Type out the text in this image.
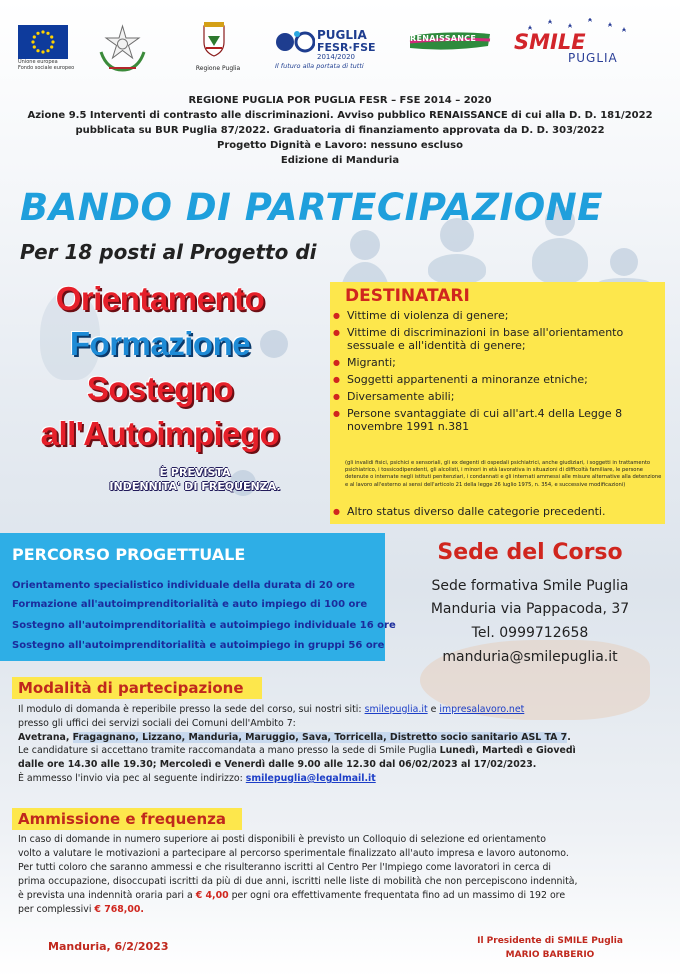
Unione europea
Fondo sociale europeo	Regione Puglia
PUGLIA
FESR·FSE
2014/2020
Il futuro alla portata di tutti
RENAISSANCE SMILE
PUGLIA
REGIONE PUGLIA POR PUGLIA FESR – FSE 2014 – 2020
Azione 9.5 Interventi di contrasto alle discriminazioni. Avviso pubblico RENAISSANCE di cui alla D. D. 181/2022
pubblicata su BUR Puglia 87/2022. Graduatoria di finanziamento approvata da D. D. 303/2022
Progetto Dignità e Lavoro: nessuno escluso
Edizione di Manduria
BANDO DI PARTECIPAZIONE
Per 18 posti al Progetto di
Orientamento
Formazione
Sostegno
all'Autoimpiego
È PREVISTA
INDENNITA' DI FREQUENZA.
DESTINATARI
● Vittime di violenza di genere;
● Vittime di discriminazioni in base all'orientamento sessuale e all'identità di genere;
● Migranti;
● Soggetti appartenenti a minoranze etniche;
● Diversamente abili;
● Persone svantaggiate di cui all'art.4 della Legge 8 novembre 1991 n.381
(gli invalidi fisici, psichici e sensoriali, gli ex degenti di ospedali psichiatrici, anche giudiziari, i soggetti in trattamento psichiatrico, i tossicodipendenti, gli alcolisti, i minori in età lavorativa in situazioni di difficoltà familiare, le persone detenute o internate negli istituti penitenziari, i condannati e gli internati ammessi alle misure alternative alla detenzione e al lavoro all'esterno ai sensi dell'articolo 21 della legge 26 luglio 1975, n. 354, e successive modificazioni)
● Altro status diverso dalle categorie precedenti.
PERCORSO PROGETTUALE
Orientamento specialistico individuale della durata di 20 ore
Formazione all'autoimprenditorialità e auto impiego di 100 ore
Sostegno all'autoimprenditorialità e autoimpiego individuale 16 ore
Sostegno all'autoimprenditorialità e autoimpiego in gruppi 56 ore
Sede del Corso
Sede formativa Smile Puglia
Manduria via Pappacoda, 37
Tel. 0999712658
manduria@smilepuglia.it
Modalità di partecipazione
Il modulo di domanda è reperibile presso la sede del corso, sui nostri siti: smilepuglia.it e impresalavoro.net
presso gli uffici dei servizi sociali dei Comuni dell'Ambito 7:
Avetrana, Fragagnano, Lizzano, Manduria, Maruggio, Sava, Torricella, Distretto socio sanitario ASL TA 7.
Le candidature si accettano tramite raccomandata a mano presso la sede di Smile Puglia Lunedì, Martedì e Giovedì
dalle ore 14.30 alle 19.30; Mercoledì e Venerdì dalle 9.00 alle 12.30 dal 06/02/2023 al 17/02/2023.
È ammesso l'invio via pec al seguente indirizzo: smilepuglia@legalmail.it
Ammissione e frequenza
In caso di domande in numero superiore ai posti disponibili è previsto un Colloquio di selezione ed orientamento
volto a valutare le motivazioni a partecipare al percorso sperimentale finalizzato all'auto impresa e lavoro autonomo.
Per tutti coloro che saranno ammessi e che risulteranno iscritti al Centro Per l'Impiego come lavoratori in cerca di
prima occupazione, disoccupati iscritti da più di due anni, iscritti nelle liste di mobilità che non percepiscono indennità,
è prevista una indennità oraria pari a € 4,00 per ogni ora effettivamente frequentata fino ad un massimo di 192 ore
per complessivi € 768,00.
Manduria, 6/2/2023	Il Presidente di SMILE Puglia
MARIO BARBERIO
